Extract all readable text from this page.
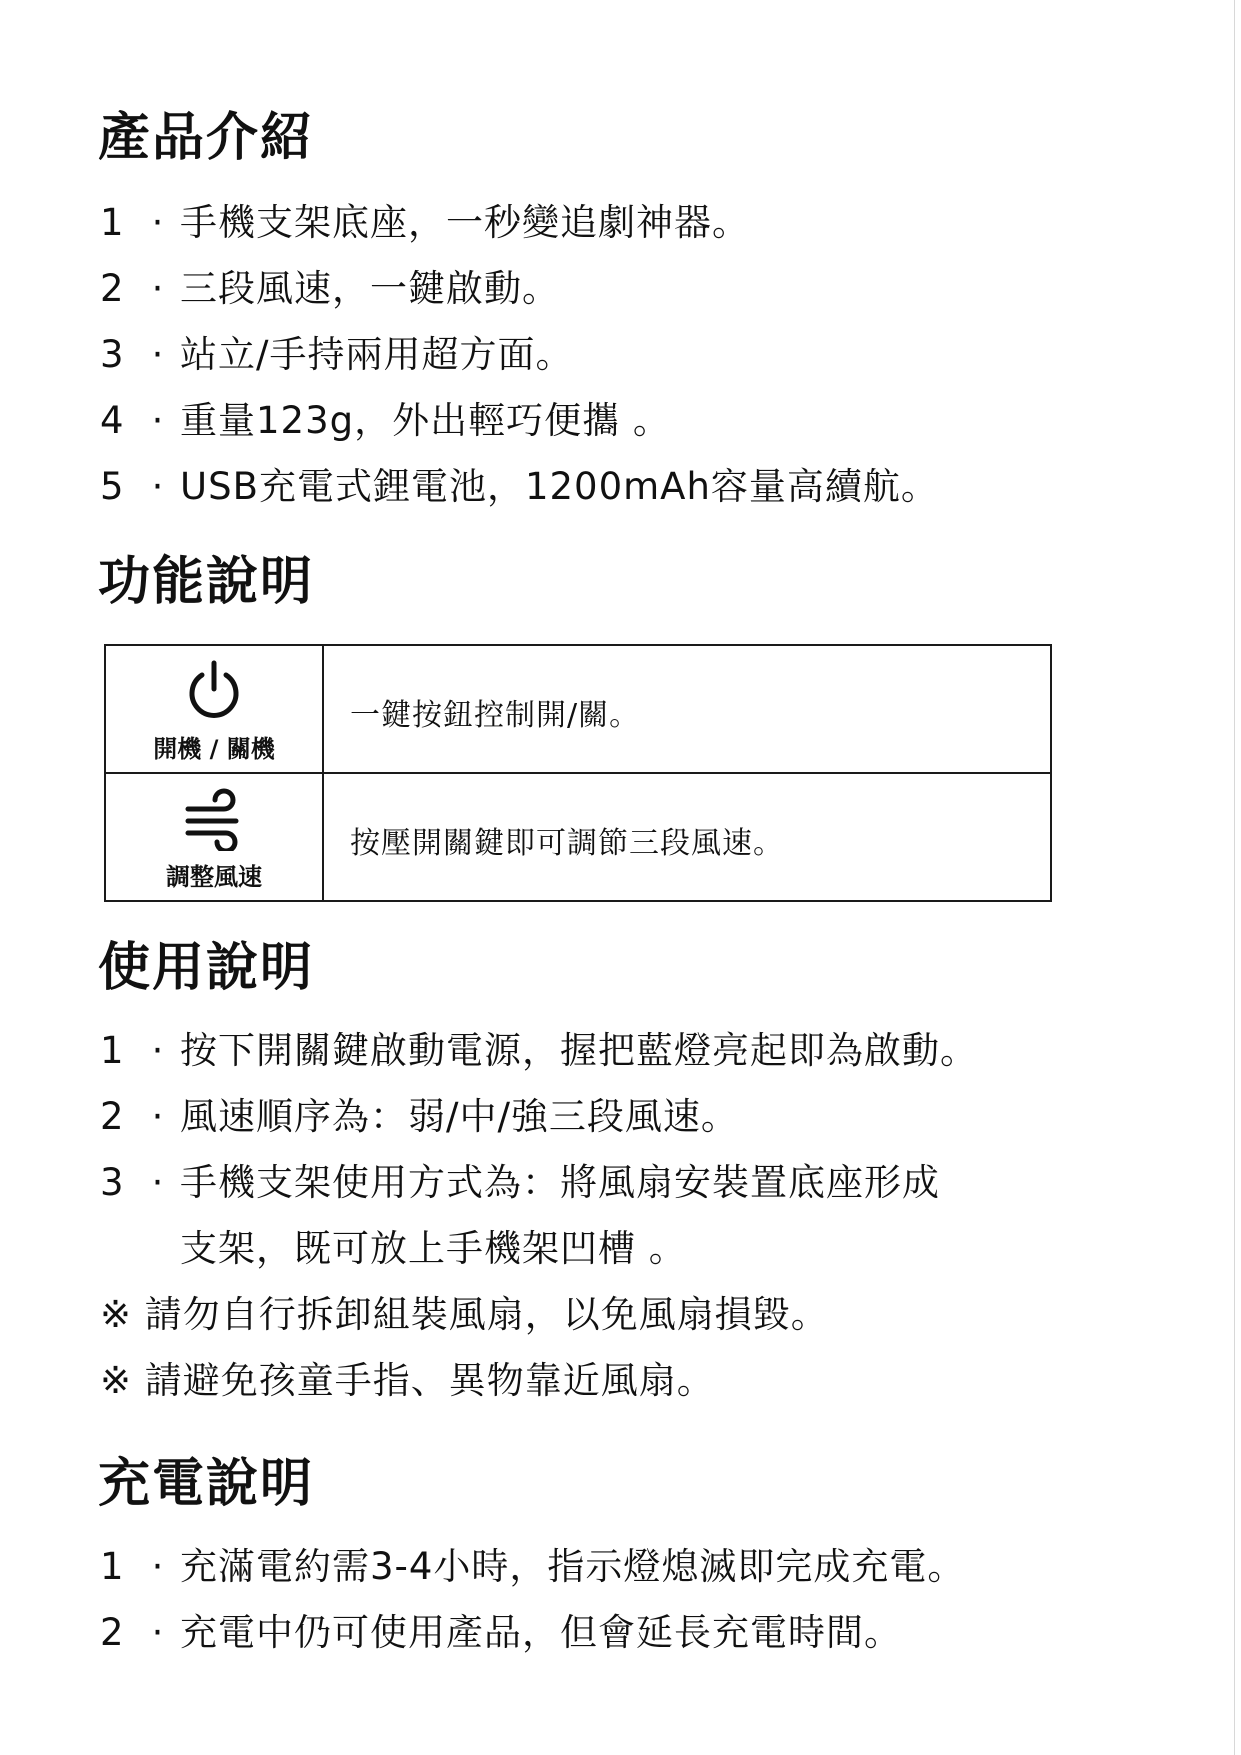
產品介紹
1 · 手機支架底座，一秒變追劇神器。
2 · 三段風速，一鍵啟動。
3 · 站立/手持兩用超方面。
4 · 重量123g，外出輕巧便攜 。
5 · USB充電式鋰電池，1200mAh容量高續航。
功能說明
開機 / 關機	一鍵按鈕控制開/關。

調整風速	按壓開關鍵即可調節三段風速。
使用說明
1 · 按下開關鍵啟動電源，握把藍燈亮起即為啟動。
2 · 風速順序為：弱/中/強三段風速。
3 · 手機支架使用方式為：將風扇安裝置底座形成
支架，既可放上手機架凹槽 。
※ 請勿自行拆卸組裝風扇，以免風扇損毀。
※ 請避免孩童手指、異物靠近風扇。
充電說明
1 · 充滿電約需3-4小時，指示燈熄滅即完成充電。
2 · 充電中仍可使用產品，但會延長充電時間。
